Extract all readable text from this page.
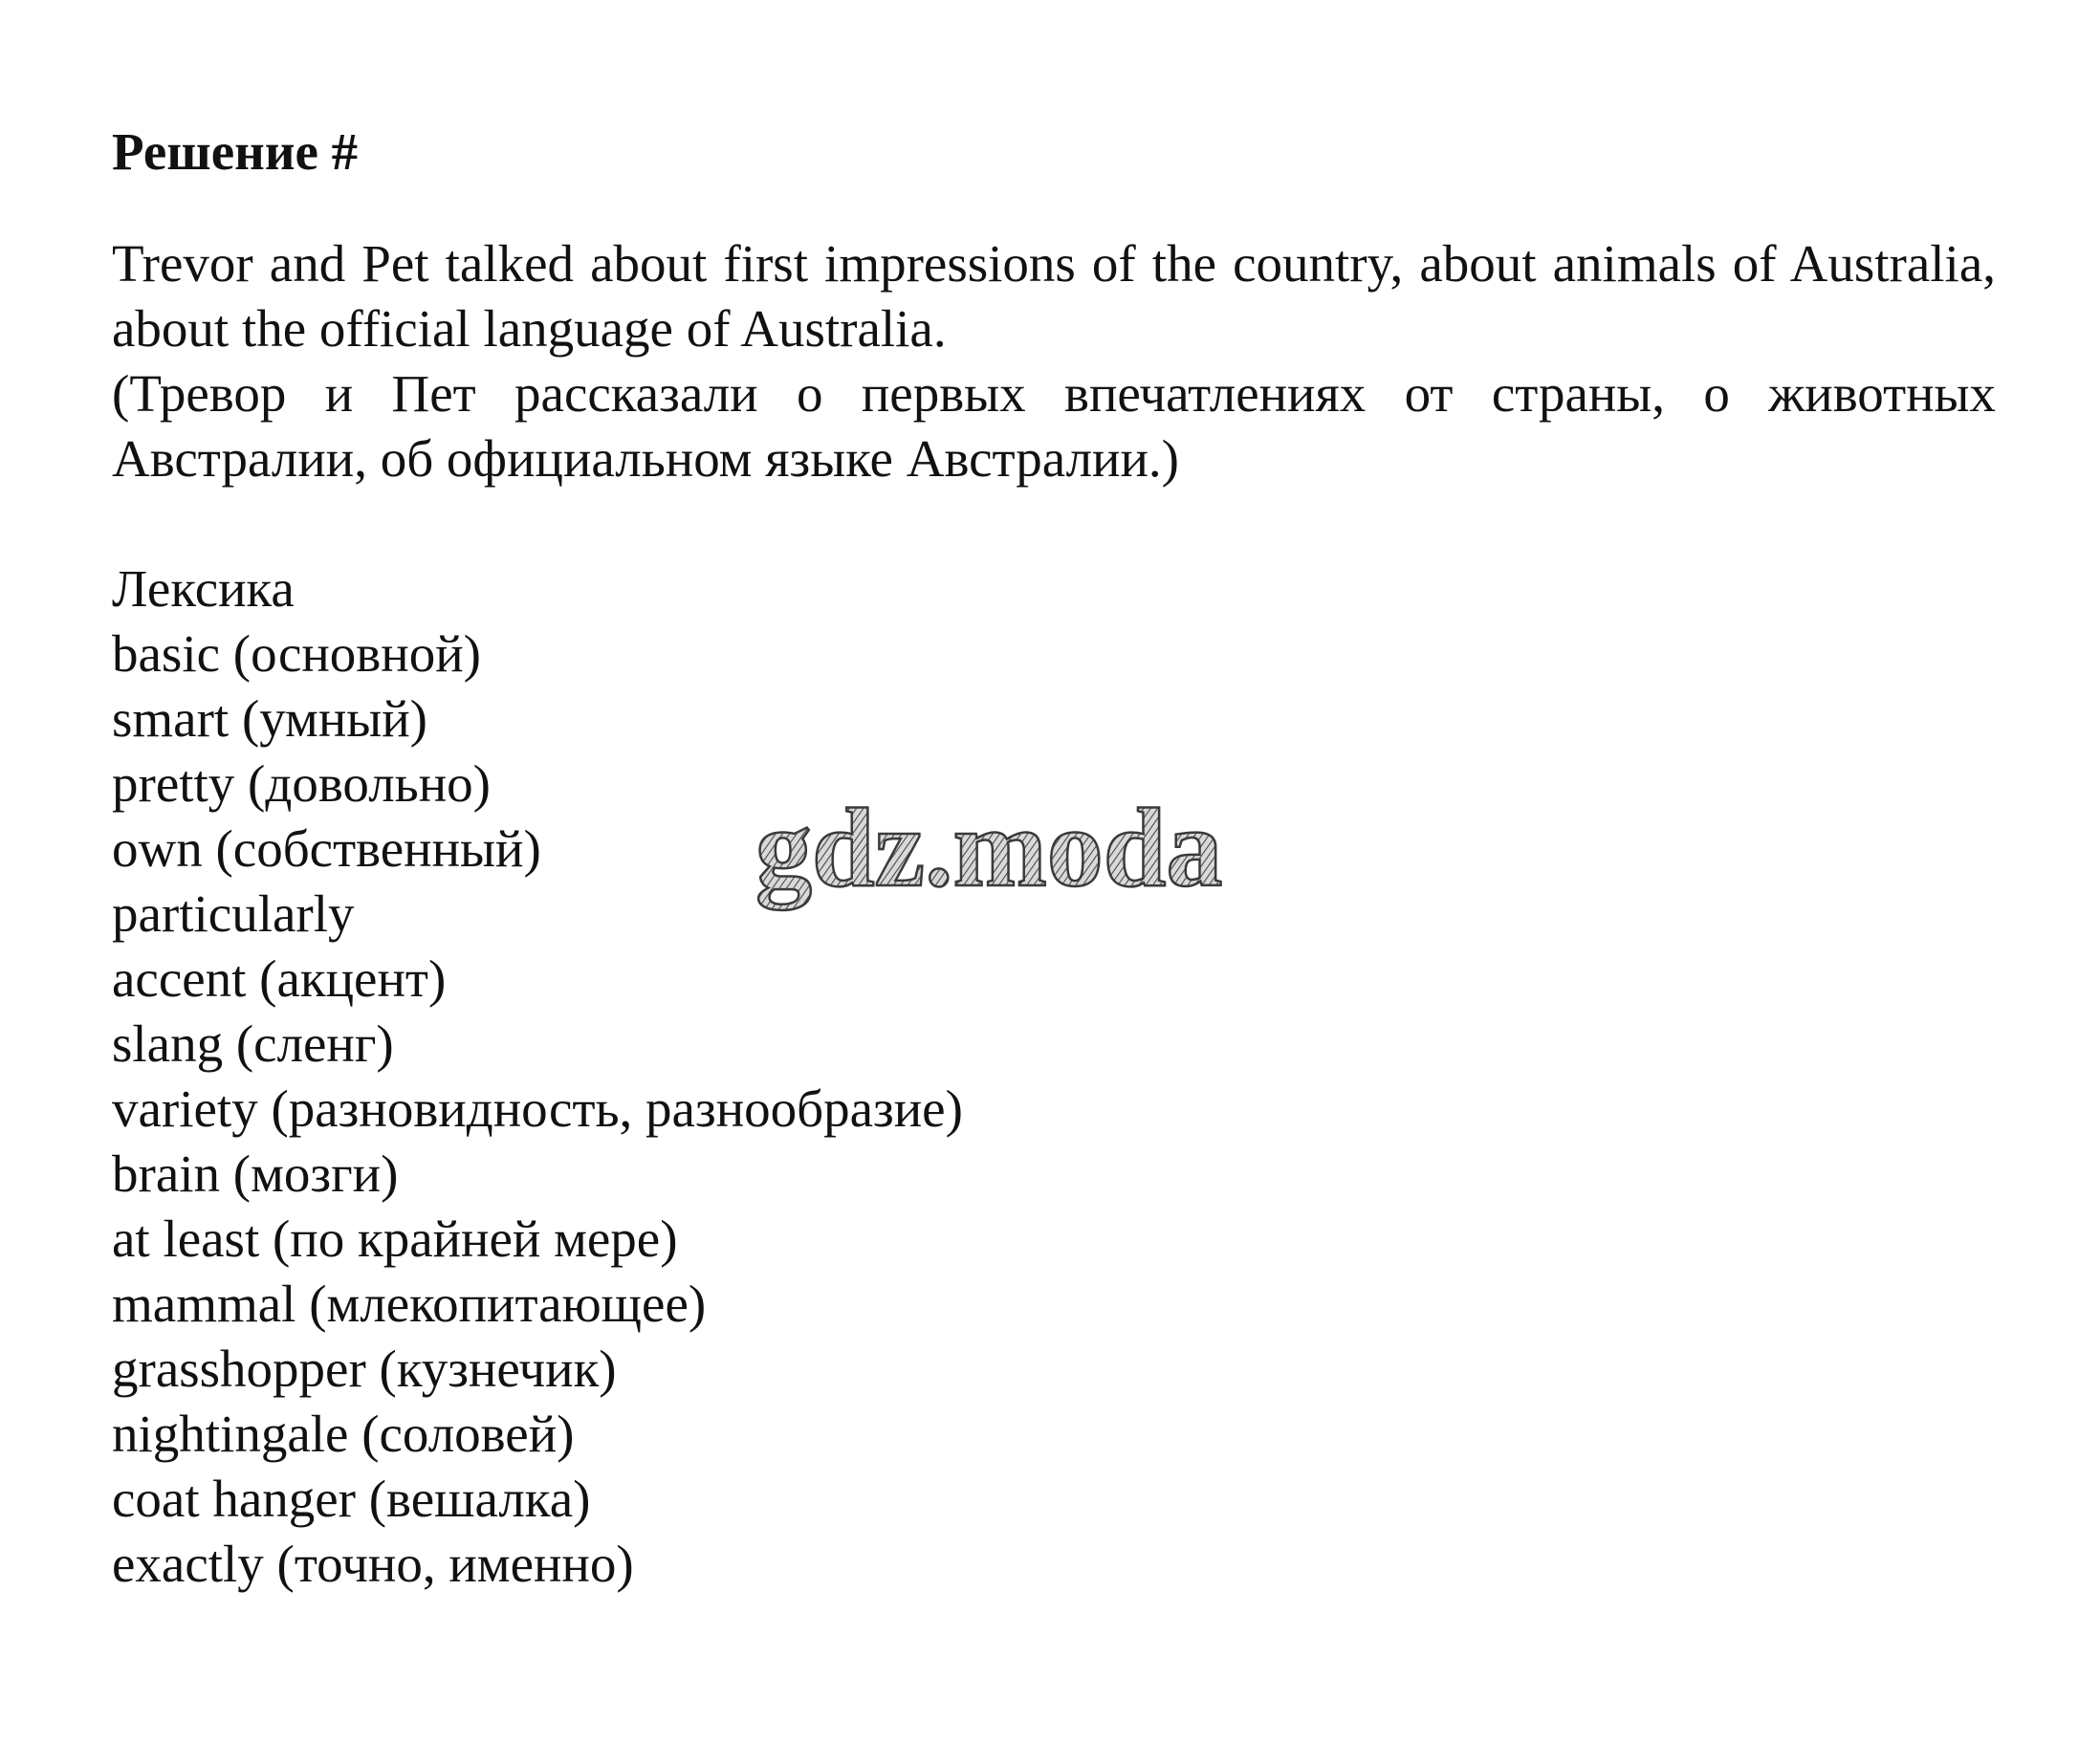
Решение #

Trevor and Pet talked about first impressions of the country, about animals of Australia, about the official language of Australia.

(Тревор и Пет рассказали о первых впечатлениях от страны, о животных Австралии, об официальном языке Австралии.)

Лексика
basic (основной)
smart (умный)
pretty (довольно)
own (собственный)
particularly
accent (акцент)
slang (сленг)
variety (разновидность, разнообразие)
brain (мозги)
at least (по крайней мере)
mammal (млекопитающее)
grasshopper (кузнечик)
nightingale (соловей)
coat hanger (вешалка)
exactly (точно, именно)
gdz.moda
